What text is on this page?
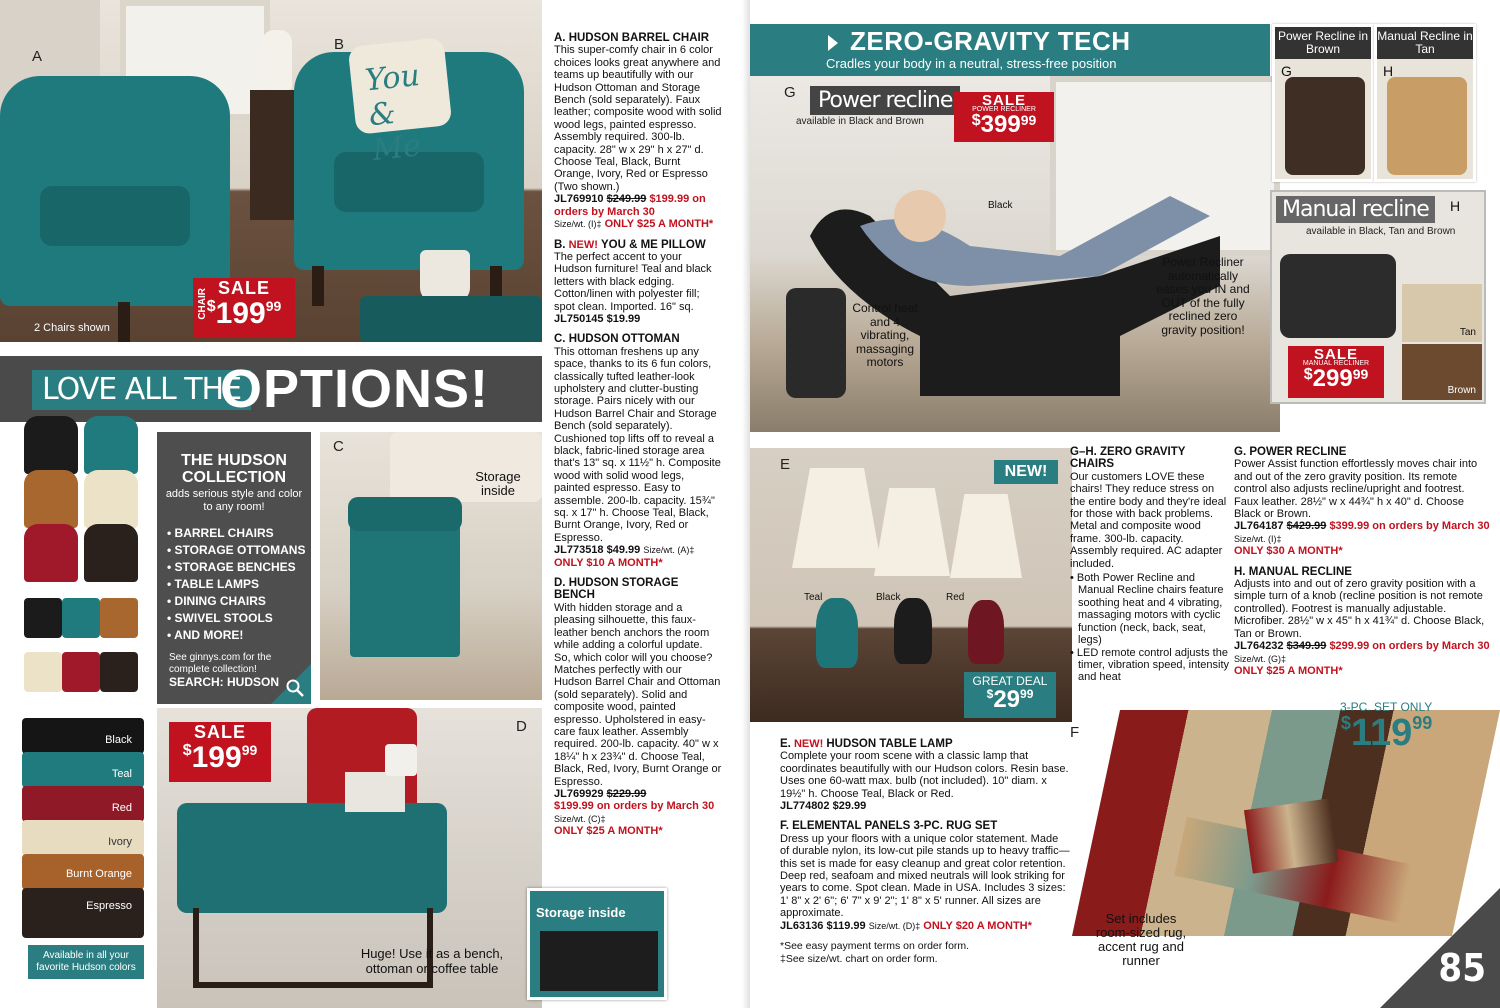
You & Me
2 Chairs shown
CHAIR SALE
$^{\$}199^{99}$
A
B
LOVE ALL THE
OPTIONS!
THE HUDSON COLLECTION
adds serious style and color to any room!
• BARREL CHAIRS
• STORAGE OTTOMANS
• STORAGE BENCHES
• TABLE LAMPS
• DINING CHAIRS
• SWIVEL STOOLS
• AND MORE!
See ginnys.com for the complete collection!
SEARCH: HUDSON
Storage inside
C
Black
Teal
Red
Ivory
Burnt Orange
Espresso
Available in all your favorite Hudson colors
Huge! Use it as a bench, ottoman or coffee table
SALE
$^{\$}199^{99}$
D
Storage inside

A. HUDSON BARREL CHAIR
This super-comfy chair in 6 color choices looks great anywhere and teams up beautifully with our Hudson Ottoman and Storage Bench (sold separately). Faux leather; composite wood with solid wood legs, painted espresso. Assembly required. 300-lb. capacity. 28" w x 29" h x 27" d. Choose Teal, Black, Burnt Orange, Ivory, Red or Espresso (Two shown.)
JL769910 $249.99 $199.99 on orders by March 30
Size/wt. (I)‡ ONLY $25 A MONTH*

B. NEW! YOU & ME PILLOW
The perfect accent to your Hudson furniture! Teal and black letters with black edging. Cotton/linen with polyester fill; spot clean. Imported. 16" sq.
JL750145 $19.99

C. HUDSON OTTOMAN
This ottoman freshens up any space, thanks to its 6 fun colors, classically tufted leather-look upholstery and clutter-busting storage. Pairs nicely with our Hudson Barrel Chair and Storage Bench (sold separately). Cushioned top lifts off to reveal a black, fabric-lined storage area that's 13" sq. x 11½" h. Composite wood with solid wood legs, painted espresso. Easy to assemble. 200-lb. capacity. 15¾" sq. x 17" h. Choose Teal, Black, Burnt Orange, Ivory, Red or Espresso.
JL773518 $49.99 Size/wt. (A)‡
ONLY $10 A MONTH*

D. HUDSON STORAGE BENCH
With hidden storage and a pleasing silhouette, this faux-leather bench anchors the room while adding a colorful update. So, which color will you choose? Matches perfectly with our Hudson Barrel Chair and Ottoman (sold separately). Solid and composite wood, painted espresso. Upholstered in easy-care faux leather. Assembly required. 200-lb. capacity. 40" w x 18¼" h x 23¾" d. Choose Teal, Black, Red, Ivory, Burnt Orange or Espresso.
JL769929 $229.99
$199.99 on orders by March 30 Size/wt. (C)‡
ONLY $25 A MONTH*

Control heat and 4 vibrating, massaging motors
Power Recliner automatically eases you IN and OUT of the fully reclined zero gravity position!
Black
ZERO-GRAVITY TECH
Cradles your body in a neutral, stress-free position
G	Power recline
available in Black and Brown
SALE
POWER RECLINER
$^{\$}399^{99}$
Power Recline in Brown
G
Manual Recline in Tan
H
Manual recline	H
available in Black, Tan and Brown
Tan
Brown
SALE
MANUAL RECLINER
$^{\$}299^{99}$
Teal	Black	Red
E	NEW!
GREAT DEAL
$^{\$}29^{99}$
G–H. ZERO GRAVITY CHAIRS
Our customers LOVE these chairs! They reduce stress on the entire body and they're ideal for those with back problems. Metal and composite wood frame. 300-lb. capacity. Assembly required. AC adapter included.
• Both Power Recline and Manual Recline chairs feature soothing heat and 4 vibrating, massaging motors with cyclic function (neck, back, seat, legs)
• LED remote control adjusts the timer, vibration speed, intensity and heat

G. POWER RECLINE
Power Assist function effortlessly moves chair into and out of the zero gravity position. Its remote control also adjusts recline/upright and footrest. Faux leather. 28½" w x 44¾" h x 40" d. Choose Black or Brown.
JL764187 $429.99 $399.99 on orders by March 30 Size/wt. (I)‡
ONLY $30 A MONTH*

H. MANUAL RECLINE
Adjusts into and out of zero gravity position with a simple turn of a knob (recline position is not remote controlled). Footrest is manually adjustable. Microfiber. 28½" w x 45" h x 41¾" d. Choose Black, Tan or Brown.
JL764232 $349.99 $299.99 on orders by March 30 Size/wt. (G)‡
ONLY $25 A MONTH*

E. NEW! HUDSON TABLE LAMP
Complete your room scene with a classic lamp that coordinates beautifully with our Hudson colors. Resin base. Uses one 60-watt max. bulb (not included). 10" diam. x 19½" h. Choose Teal, Black or Red.
JL774802 $29.99

F. ELEMENTAL PANELS 3-PC. RUG SET
Dress up your floors with a unique color statement. Made of durable nylon, its low-cut pile stands up to heavy traffic—this set is made for easy cleanup and great color retention. Deep red, seafoam and mixed neutrals will look striking for years to come. Spot clean. Made in USA. Includes 3 sizes: 1' 8" x 2' 6"; 6' 7" x 9' 2"; 1' 8" x 5' runner. All sizes are approximate.
JL63136 $119.99 Size/wt. (D)‡ ONLY $20 A MONTH*

*See easy payment terms on order form.
‡See size/wt. chart on order form.
Set includes room-sized rug, accent rug and runner
F
3-PC. SET ONLY
$^{\$}119^{99}$
85
